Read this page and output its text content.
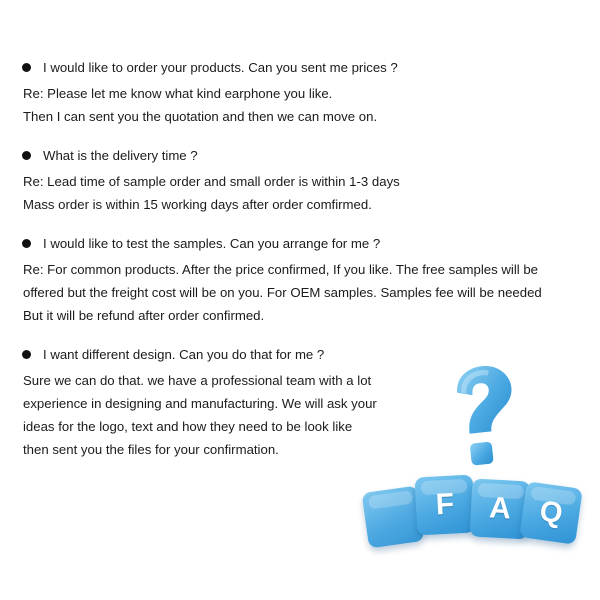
I would like to order your products. Can you sent me prices ?
Re: Please let me know what kind earphone you like.
Then I can sent you the quotation and then we can move on.
What is the delivery time ?
Re: Lead time of sample order and small order is within 1-3 days
Mass order is within 15 working days after order comfirmed.
I would like to test the samples. Can you arrange for me ?
Re: For common products. After the price confirmed, If you like. The free samples will be
offered but the freight cost will be on you. For OEM samples. Samples fee will be needed
But it will be refund after order confirmed.
I want different design. Can you do that for me ?
Sure we can do that. we have a professional team with a lot
experience in designing and manufacturing. We will ask your
ideas for the logo, text and how they need to be look like
then sent you the files for your confirmation.
F	A Q
